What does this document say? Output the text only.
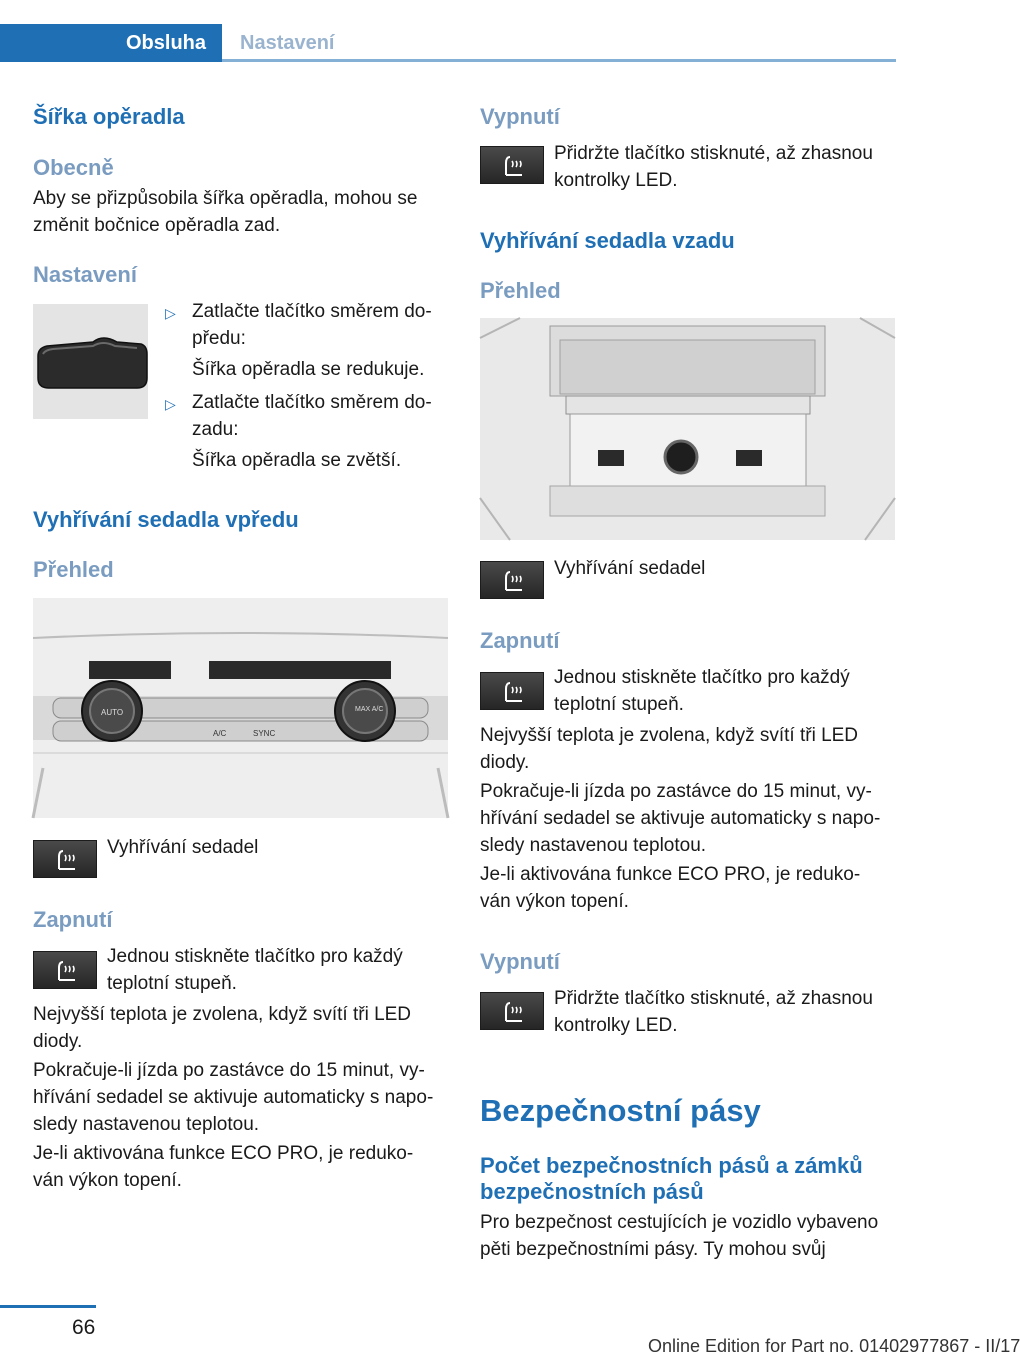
Obsluha	Nastavení
Šířka opěradla
Obecně
Aby se přizpůsobila šířka opěradla, mohou se
změnit bočnice opěradla zad.
Nastavení
▷ Zatlačte tlačítko směrem do-
předu:
Šířka opěradla se redukuje.
▷ Zatlačte tlačítko směrem do-
zadu:
Šířka opěradla se zvětší.
Vyhřívání sedadla vpředu
Přehled
AUTO	MAX A/C
A/C	SYNC
Vyhřívání sedadel
Zapnutí
Jednou stiskněte tlačítko pro každý
teplotní stupeň.
Nejvyšší teplota je zvolena, když svítí tři LED
diody.
Pokračuje-li jízda po zastávce do 15 minut, vy-
hřívání sedadel se aktivuje automaticky s napo-
sledy nastavenou teplotou.
Je-li aktivována funkce ECO PRO, je reduko-
ván výkon topení.
Vypnutí
Přidržte tlačítko stisknuté, až zhasnou
kontrolky LED.
Vyhřívání sedadla vzadu
Přehled
Vyhřívání sedadel
Zapnutí
Jednou stiskněte tlačítko pro každý
teplotní stupeň.
Nejvyšší teplota je zvolena, když svítí tři LED
diody.
Pokračuje-li jízda po zastávce do 15 minut, vy-
hřívání sedadel se aktivuje automaticky s napo-
sledy nastavenou teplotou.
Je-li aktivována funkce ECO PRO, je reduko-
ván výkon topení.
Vypnutí
Přidržte tlačítko stisknuté, až zhasnou
kontrolky LED.
Bezpečnostní pásy
Počet bezpečnostních pásů a zámků
bezpečnostních pásů
Pro bezpečnost cestujících je vozidlo vybaveno
pěti bezpečnostními pásy. Ty mohou svůj
66
Online Edition for Part no. 01402977867 - II/17
